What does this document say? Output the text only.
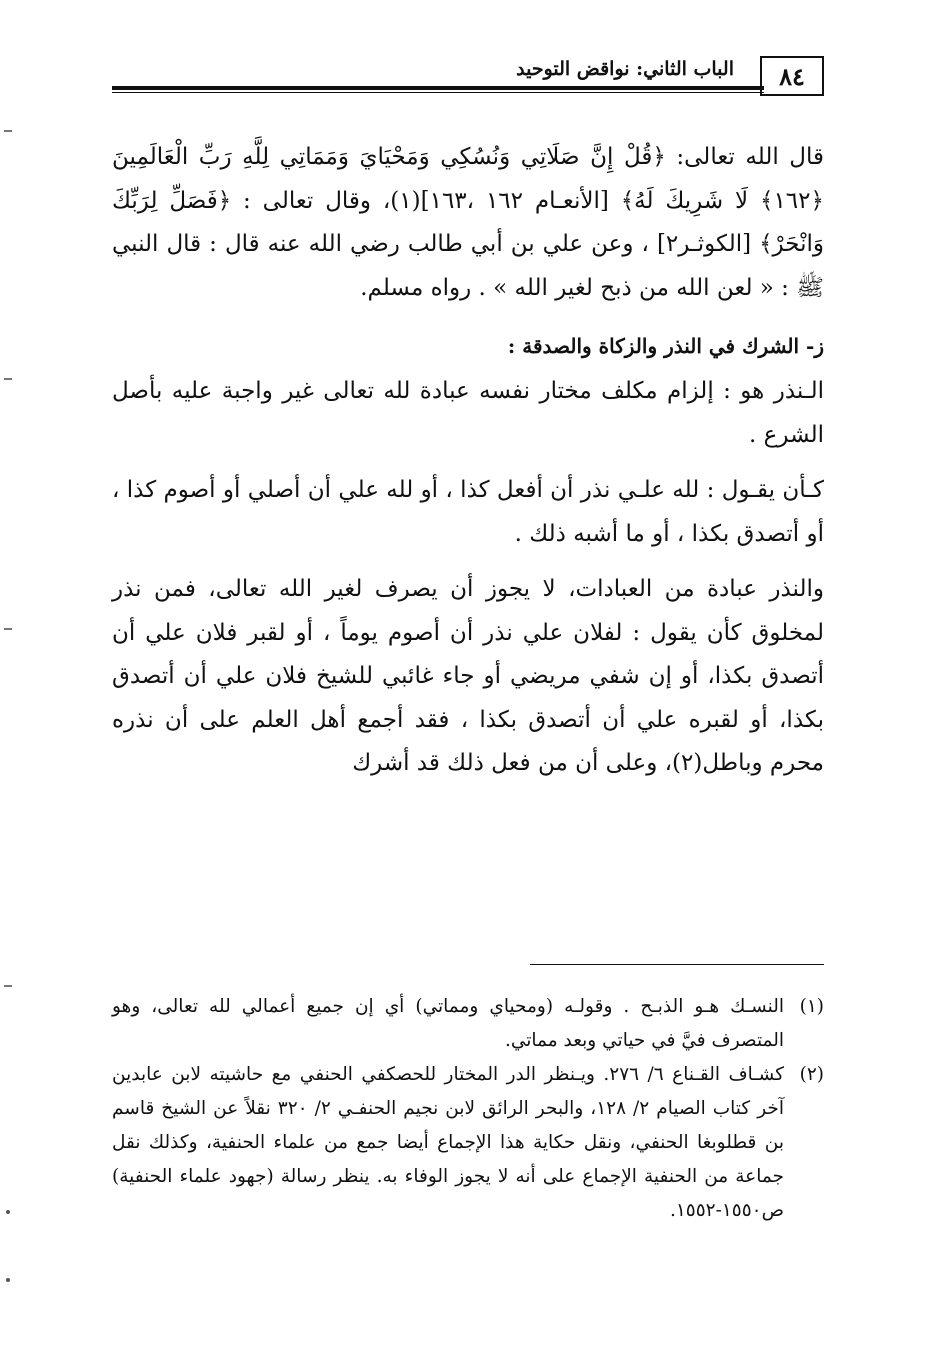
٨٤
الباب الثاني: نواقض التوحيد

قال الله تعالى: ﴿قُلْ إِنَّ صَلَاتِي وَنُسُكِي وَمَحْيَايَ وَمَمَاتِي لِلَّهِ رَبِّ الْعَالَمِينَ ﴿١٦٢﴾ لَا شَرِيكَ لَهُ﴾ [الأنعـام ١٦٢ ،١٦٣](١)، وقال تعالى : ﴿فَصَلِّ لِرَبِّكَ وَانْحَرْ﴾ [الكوثـر٢] ، وعن علي بن أبي طالب رضي الله عنه قال : قال النبي ﷺ : « لعن الله من ذبح لغير الله » . رواه مسلم.

ز- الشرك في النذر والزكاة والصدقة :

الـنذر هو : إلزام مكلف مختار نفسه عبادة لله تعالى غير واجبة عليه بأصل الشرع .

كـأن يقـول : لله علـي نذر أن أفعل كذا ، أو لله علي أن أصلي أو أصوم كذا ، أو أتصدق بكذا ، أو ما أشبه ذلك .

والنذر عبادة من العبادات، لا يجوز أن يصرف لغير الله تعالى، فمن نذر لمخلوق كأن يقول : لفلان علي نذر أن أصوم يوماً ، أو لقبر فلان علي أن أتصدق بكذا، أو إن شفي مريضي أو جاء غائبي للشيخ فلان علي أن أتصدق بكذا، أو لقبره علي أن أتصدق بكذا ، فقد أجمع أهل العلم على أن نذره محرم وباطل(٢)، وعلى أن من فعل ذلك قد أشرك

(١)
النسـك هـو الذبـح . وقولـه (ومحياي ومماتي) أي إن جميع أعمالي لله تعالى، وهو المتصرف فيَّ في حياتي وبعد مماتي.
(٢)
كشـاف القـناع ٦/ ٢٧٦. ويـنظر الدر المختار للحصكفي الحنفي مع حاشيته لابن عابدين آخر كتاب الصيام ٢/ ١٢٨، والبحر الرائق لابن نجيم الحنفـي ٢/ ٣٢٠ نقلاً عن الشيخ قاسم بن قطلوبغا الحنفي، ونقل حكاية هذا الإجماع أيضا جمع من علماء الحنفية، وكذلك نقل جماعة من الحنفية الإجماع على أنه لا يجوز الوفاء به. ينظر رسالة (جهود علماء الحنفية) ص١٥٥٠-١٥٥٢.
